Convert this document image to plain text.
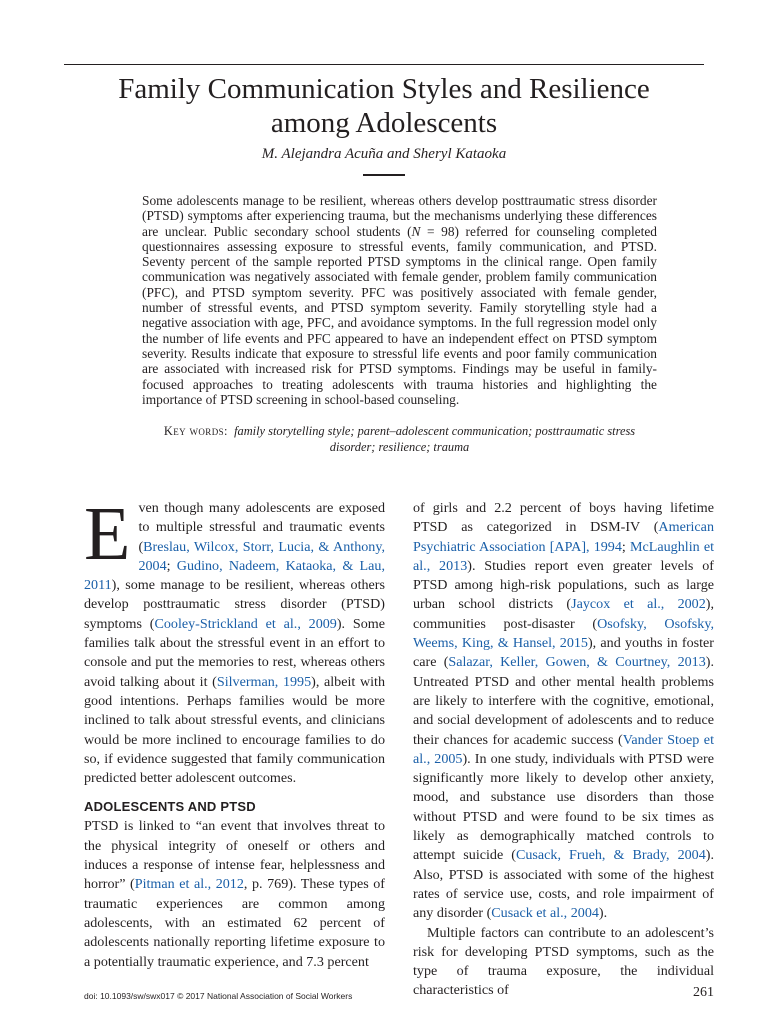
Family Communication Styles and Resilience
among Adolescents
M. Alejandra Acuña and Sheryl Kataoka

Some adolescents manage to be resilient, whereas others develop posttraumatic stress disorder (PTSD) symptoms after experiencing trauma, but the mechanisms underlying these differences are unclear. Public secondary school students (N = 98) referred for counseling completed questionnaires assessing exposure to stressful events, family communication, and PTSD. Seventy percent of the sample reported PTSD symptoms in the clinical range. Open family communication was negatively associated with female gender, problem family communication (PFC), and PTSD symptom severity. PFC was positively associated with female gender, number of stressful events, and PTSD symptom severity. Family storytelling style had a negative association with age, PFC, and avoidance symptoms. In the full regression model only the number of life events and PFC appeared to have an independent effect on PTSD symptom severity. Results indicate that exposure to stressful life events and poor family communication are associated with increased risk for PTSD symptoms. Findings may be useful in family-focused approaches to treating adolescents with trauma histories and highlighting the importance of PTSD screening in school-based counseling.

Key words: family storytelling style; parent–adolescent communication; posttraumatic stress disorder; resilience; trauma

Even though many adolescents are exposed to multiple stressful and traumatic events (Breslau, Wilcox, Storr, Lucia, & Anthony, 2004; Gudino, Nadeem, Kataoka, & Lau, 2011), some manage to be resilient, whereas others develop posttraumatic stress disorder (PTSD) symptoms (Cooley-Strickland et al., 2009). Some families talk about the stressful event in an effort to console and put the memories to rest, whereas others avoid talking about it (Silverman, 1995), albeit with good intentions. Perhaps families would be more inclined to talk about stressful events, and clinicians would be more inclined to encourage families to do so, if evidence suggested that family communication predicted better adolescent outcomes.

ADOLESCENTS AND PTSD

PTSD is linked to “an event that involves threat to the physical integrity of oneself or others and induces a response of intense fear, helplessness and horror” (Pitman et al., 2012, p. 769). These types of traumatic experiences are common among adolescents, with an estimated 62 percent of adolescents nationally reporting lifetime exposure to a potentially traumatic experience, and 7.3 percent

of girls and 2.2 percent of boys having lifetime PTSD as categorized in DSM-IV (American Psychiatric Association [APA], 1994; McLaughlin et al., 2013). Studies report even greater levels of PTSD among high-risk populations, such as large urban school districts (Jaycox et al., 2002), communities post-disaster (Osofsky, Osofsky, Weems, King, & Hansel, 2015), and youths in foster care (Salazar, Keller, Gowen, & Courtney, 2013). Untreated PTSD and other mental health problems are likely to interfere with the cognitive, emotional, and social development of adolescents and to reduce their chances for academic success (Vander Stoep et al., 2005). In one study, individuals with PTSD were significantly more likely to develop other anxiety, mood, and substance use disorders than those without PTSD and were found to be six times as likely as demographically matched controls to attempt suicide (Cusack, Frueh, & Brady, 2004). Also, PTSD is associated with some of the highest rates of service use, costs, and role impairment of any disorder (Cusack et al., 2004).

Multiple factors can contribute to an adolescent’s risk for developing PTSD symptoms, such as the type of trauma exposure, the individual characteristics of

doi: 10.1093/sw/swx017 © 2017 National Association of Social Workers	261
